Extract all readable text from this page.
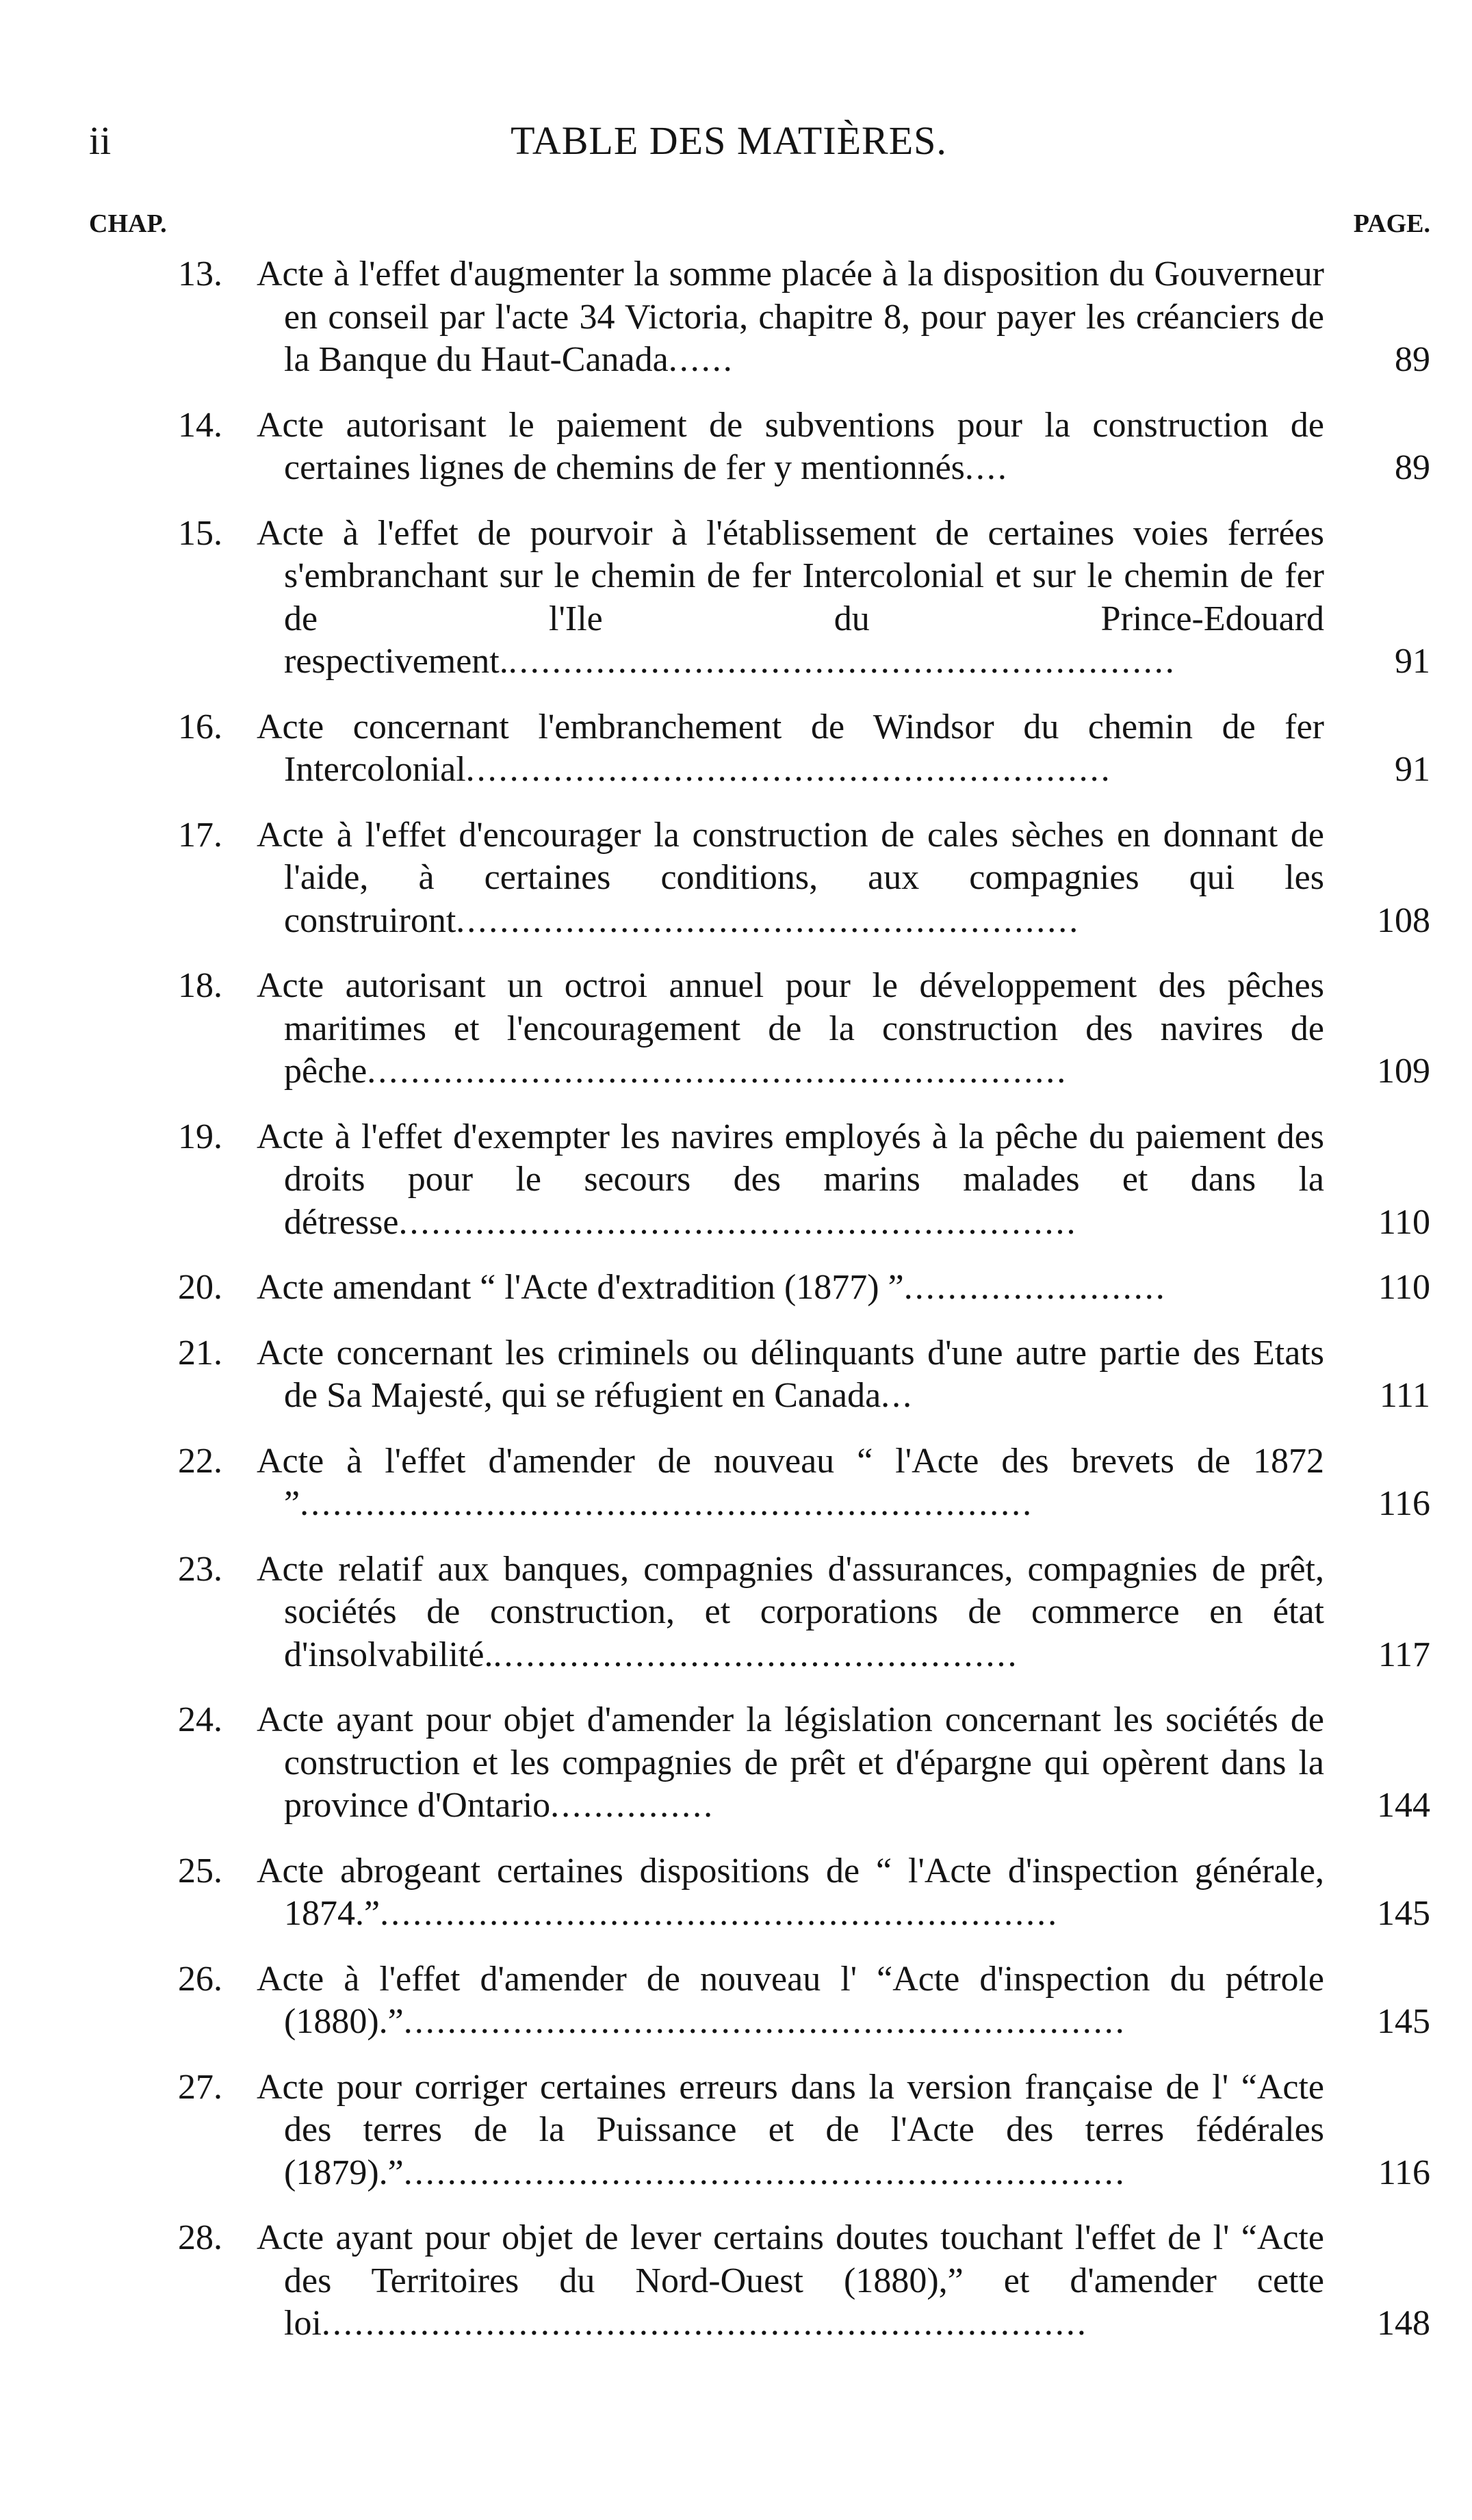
ii	TABLE DES MATIÈRES.
CHAP.	PAGE.
13. Acte à l'effet d'augmenter la somme placée à la disposition du Gouverneur en conseil par l'acte 34 Victoria, chapitre 8, pour payer les créanciers de la Banque du Haut-Canada......	89
14. Acte autorisant le paiement de subventions pour la construction de certaines lignes de chemins de fer y mentionnés....	89
15. Acte à l'effet de pourvoir à l'établissement de certaines voies ferrées s'embranchant sur le chemin de fer Intercolonial et sur le chemin de fer de l'Ile du Prince-Edouard respectivement..............................................................	91
16. Acte concernant l'embranchement de Windsor du chemin de fer Intercolonial...........................................................	91
17. Acte à l'effet d'encourager la construction de cales sèches en donnant de l'aide, à certaines conditions, aux compagnies qui les construiront.........................................................	108
18. Acte autorisant un octroi annuel pour le développement des pêches maritimes et l'encouragement de la construction des navires de pêche................................................................	109
19. Acte à l'effet d'exempter les navires employés à la pêche du paiement des droits pour le secours des marins malades et dans la détresse..............................................................	110
20. Acte amendant “ l'Acte d'extradition (1877) ”........................	110
21. Acte concernant les criminels ou délinquants d'une autre partie des Etats de Sa Majesté, qui se réfugient en Canada...	111
22. Acte à l'effet d'amender de nouveau “ l'Acte des brevets de 1872 ”...................................................................	116
23. Acte relatif aux banques, compagnies d'assurances, compagnies de prêt, sociétés de construction, et corporations de commerce en état d'insolvabilité.................................................	117
24. Acte ayant pour objet d'amender la législation concernant les sociétés de construction et les compagnies de prêt et d'épargne qui opèrent dans la province d'Ontario...............	144
25. Acte abrogeant certaines dispositions de “ l'Acte d'inspection générale, 1874.”..............................................................	145
26. Acte à l'effet d'amender de nouveau l' “Acte d'inspection du pétrole (1880).”..................................................................	145
27. Acte pour corriger certaines erreurs dans la version française de l' “Acte des terres de la Puissance et de l'Acte des terres fédérales (1879).”..................................................................	116
28. Acte ayant pour objet de lever certains doutes touchant l'effet de l' “Acte des Territoires du Nord-Ouest (1880),” et d'amender cette loi......................................................................	148
